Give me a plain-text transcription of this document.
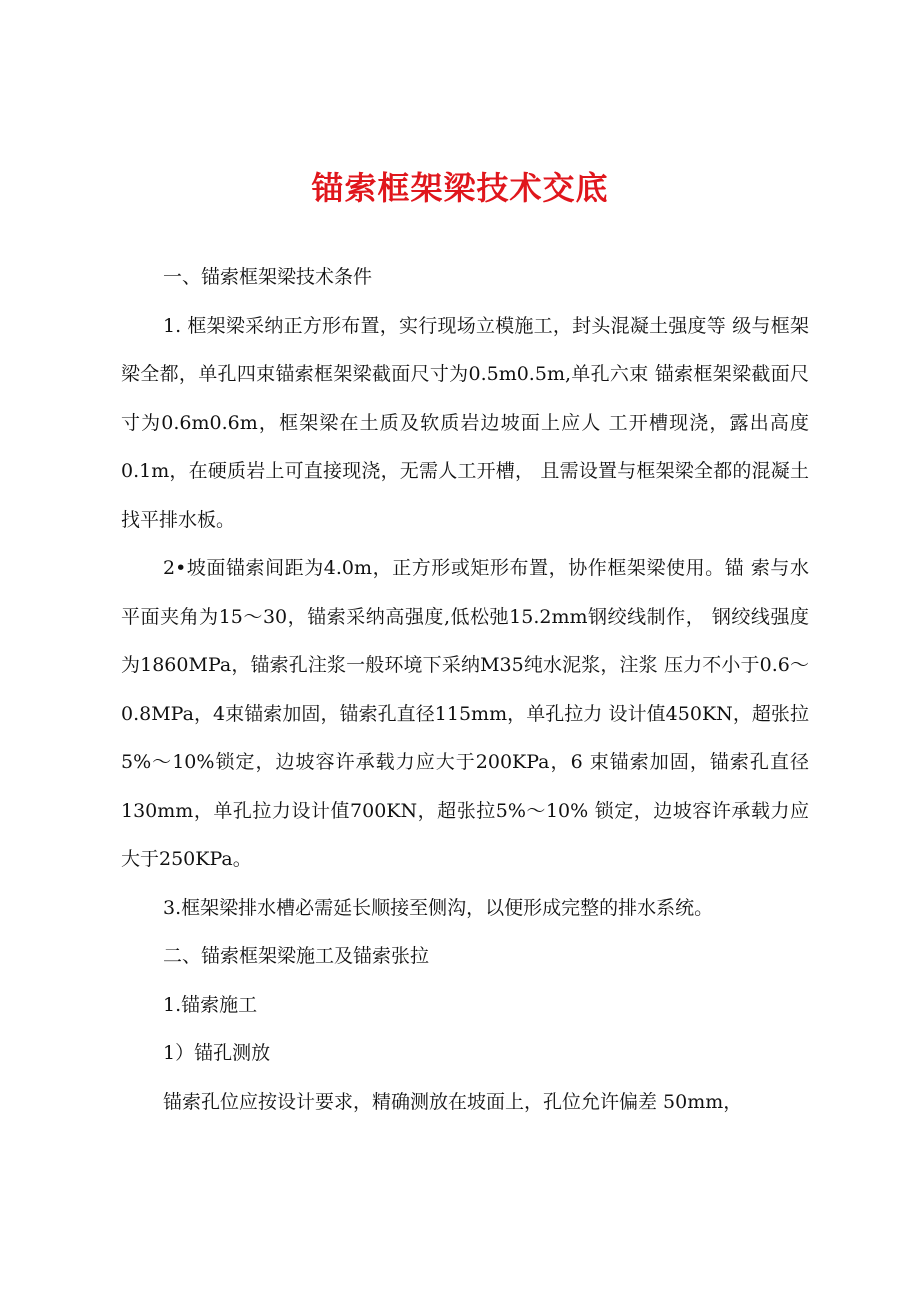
锚索框架梁技术交底

一、锚索框架梁技术条件

1. 框架梁采纳正方形布置，实行现场立模施工，封头混凝土强度等 级与框架梁全都，单孔四束锚索框架梁截面尺寸为0.5m0.5m,单孔六束 锚索框架梁截面尺寸为0.6m0.6m，框架梁在土质及软质岩边坡面上应人 工开槽现浇，露出高度0.1m，在硬质岩上可直接现浇，无需人工开槽， 且需设置与框架梁全都的混凝土找平排水板。

2•坡面锚索间距为4.0m，正方形或矩形布置，协作框架梁使用。锚 索与水平面夹角为15〜30，锚索采纳高强度,低松弛15.2mm钢绞线制作， 钢绞线强度为1860MPa，锚索孔注浆一般环境下采纳M35纯水泥浆，注浆 压力不小于0.6〜0.8MPa，4束锚索加固，锚索孔直径115mm，单孔拉力 设计值450KN，超张拉5%〜10%锁定，边坡容许承载力应大于200KPa，6 束锚索加固，锚索孔直径130mm，单孔拉力设计值700KN，超张拉5%〜10% 锁定，边坡容许承载力应大于250KPa。

3.框架梁排水槽必需延长顺接至侧沟，以便形成完整的排水系统。

二、锚索框架梁施工及锚索张拉

1.锚索施工

1）锚孔测放

锚索孔位应按设计要求，精确测放在坡面上，孔位允许偏差 50mm，
